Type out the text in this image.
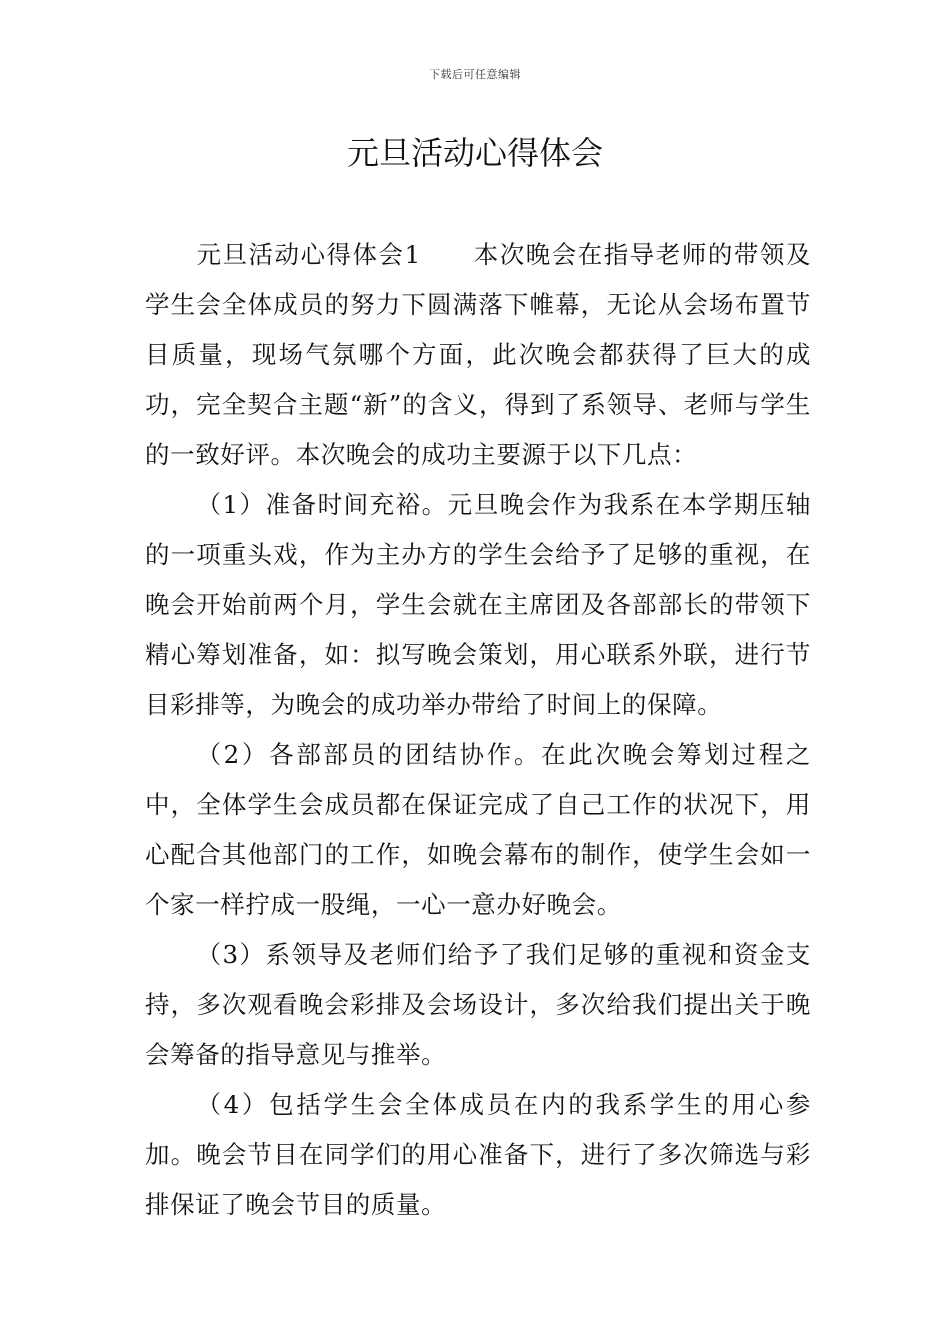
下载后可任意编辑
元旦活动心得体会

元旦活动心得体会1　　本次晚会在指导老师的带领及学生会全体成员的努力下圆满落下帷幕，无论从会场布置节目质量，现场气氛哪个方面，此次晚会都获得了巨大的成功，完全契合主题“新”的含义，得到了系领导、老师与学生的一致好评。本次晚会的成功主要源于以下几点：

（1）准备时间充裕。元旦晚会作为我系在本学期压轴的一项重头戏，作为主办方的学生会给予了足够的重视，在晚会开始前两个月，学生会就在主席团及各部部长的带领下精心筹划准备，如：拟写晚会策划，用心联系外联，进行节目彩排等，为晚会的成功举办带给了时间上的保障。

（2）各部部员的团结协作。在此次晚会筹划过程之中，全体学生会成员都在保证完成了自己工作的状况下，用心配合其他部门的工作，如晚会幕布的制作，使学生会如一个家一样拧成一股绳，一心一意办好晚会。

（3）系领导及老师们给予了我们足够的重视和资金支持，多次观看晚会彩排及会场设计，多次给我们提出关于晚会筹备的指导意见与推举。

（4）包括学生会全体成员在内的我系学生的用心参加。晚会节目在同学们的用心准备下，进行了多次筛选与彩排保证了晚会节目的质量。
